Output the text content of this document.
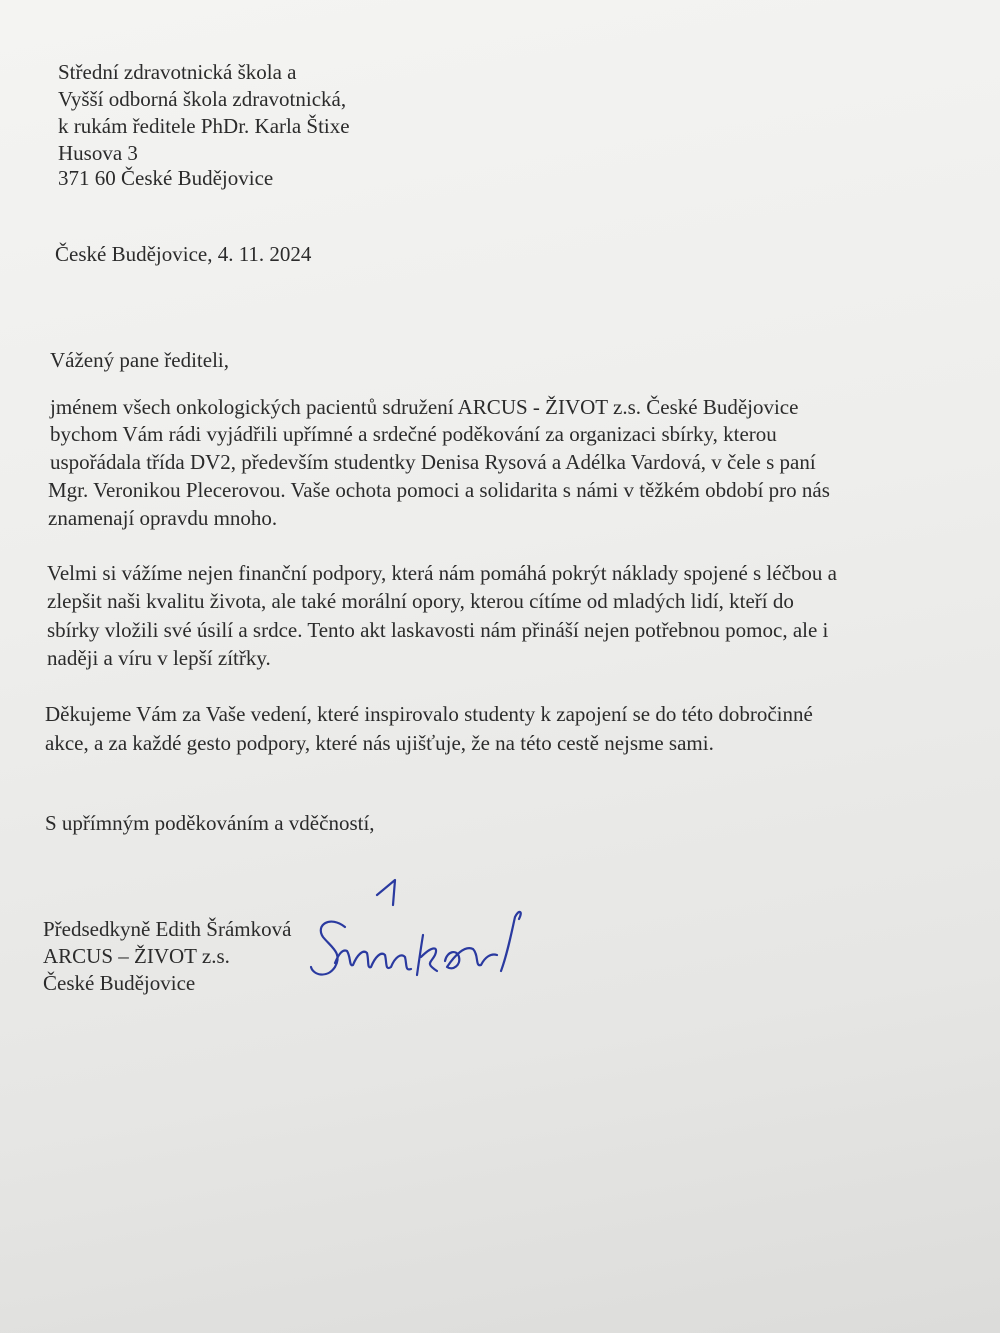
Střední zdravotnická škola a
Vyšší odborná škola zdravotnická,
k rukám ředitele PhDr. Karla Štixe
Husova 3
371 60 České Budějovice
České Budějovice, 4. 11. 2024
Vážený pane řediteli,
jménem všech onkologických pacientů sdružení ARCUS - ŽIVOT z.s. České Budějovice
bychom Vám rádi vyjádřili upřímné a srdečné poděkování za organizaci sbírky, kterou
uspořádala třída DV2, především studentky Denisa Rysová a Adélka Vardová, v čele s paní
Mgr. Veronikou Plecerovou. Vaše ochota pomoci a solidarita s námi v těžkém období pro nás
znamenají opravdu mnoho.
Velmi si vážíme nejen finanční podpory, která nám pomáhá pokrýt náklady spojené s léčbou a
zlepšit naši kvalitu života, ale také morální opory, kterou cítíme od mladých lidí, kteří do
sbírky vložili své úsilí a srdce. Tento akt laskavosti nám přináší nejen potřebnou pomoc, ale i
naději a víru v lepší zítřky.
Děkujeme Vám za Vaše vedení, které inspirovalo studenty k zapojení se do této dobročinné
akce, a za každé gesto podpory, které nás ujišťuje, že na této cestě nejsme sami.
S upřímným poděkováním a vděčností,
Předsedkyně Edith Šrámková
ARCUS – ŽIVOT z.s.
České Budějovice
